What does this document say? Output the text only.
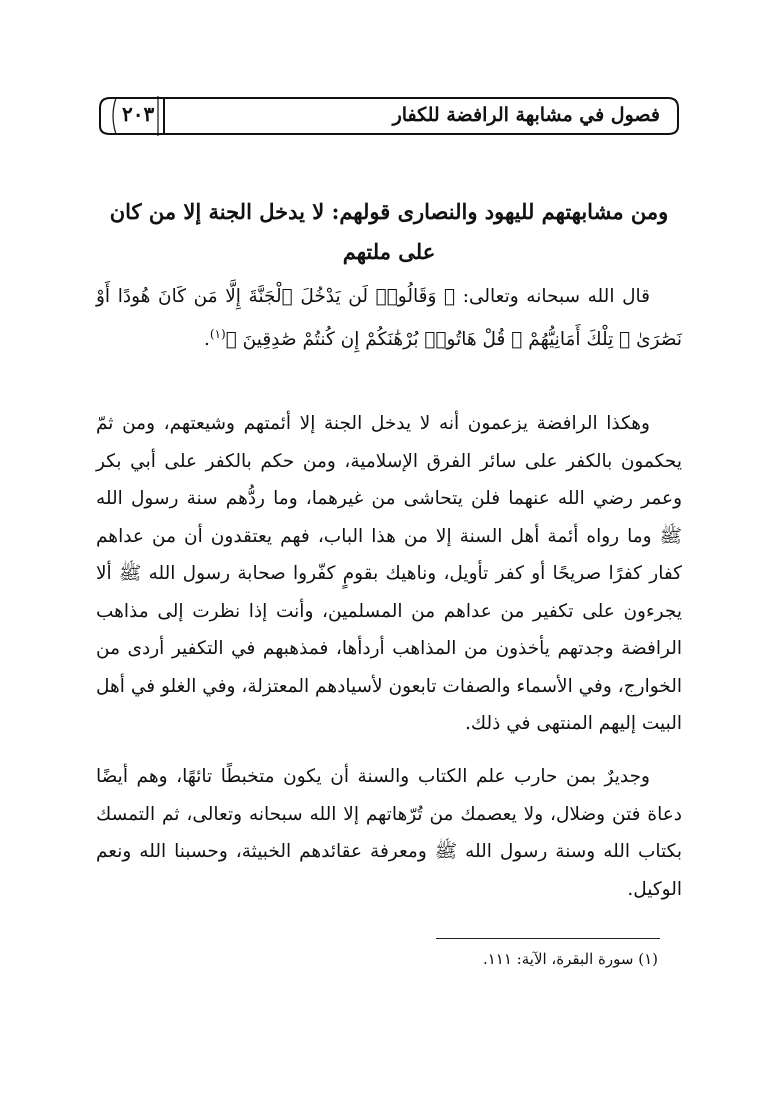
فصول في مشابهة الرافضة للكفار
٢٠٣
ومن مشابهتهم لليهود والنصارى قولهم: لا يدخل الجنة إلا من كان على ملتهم
قال الله سبحانه وتعالى: ﴿ وَقَالُوا۟ لَن يَدْخُلَ ٱلْجَنَّةَ إِلَّا مَن كَانَ هُودًا أَوْ نَصَٰرَىٰ ۗ تِلْكَ أَمَانِيُّهُمْ ۗ قُلْ هَاتُوا۟ بُرْهَٰنَكُمْ إِن كُنتُمْ صَٰدِقِينَ ﴾$^{(١)}$.
وهكذا الرافضة يزعمون أنه لا يدخل الجنة إلا أئمتهم وشيعتهم، ومن ثمّ يحكمون بالكفر على سائر الفرق الإسلامية، ومن حكم بالكفر على أبي بكر وعمر رضي الله عنهما فلن يتحاشى من غيرهما، وما ردُّهم سنة رسول الله ﷺ وما رواه أئمة أهل السنة إلا من هذا الباب، فهم يعتقدون أن من عداهم كفار كفرًا صريحًا أو كفر تأويل، وناهيك بقومٍ كفّروا صحابة رسول الله ﷺ ألا يجرءون على تكفير من عداهم من المسلمين، وأنت إذا نظرت إلى مذاهب الرافضة وجدتهم يأخذون من المذاهب أردأها، فمذهبهم في التكفير أردى من الخوارج، وفي الأسماء والصفات تابعون لأسيادهم المعتزلة، وفي الغلو في أهل البيت إليهم المنتهى في ذلك.
وجديرٌ بمن حارب علم الكتاب والسنة أن يكون متخبطًا تائهًا، وهم أيضًا دعاة فتن وضلال، ولا يعصمك من تُرّهاتهم إلا الله سبحانه وتعالى، ثم التمسك بكتاب الله وسنة رسول الله ﷺ ومعرفة عقائدهم الخبيثة، وحسبنا الله ونعم الوكيل.
(١) سورة البقرة، الآية: ١١١.
